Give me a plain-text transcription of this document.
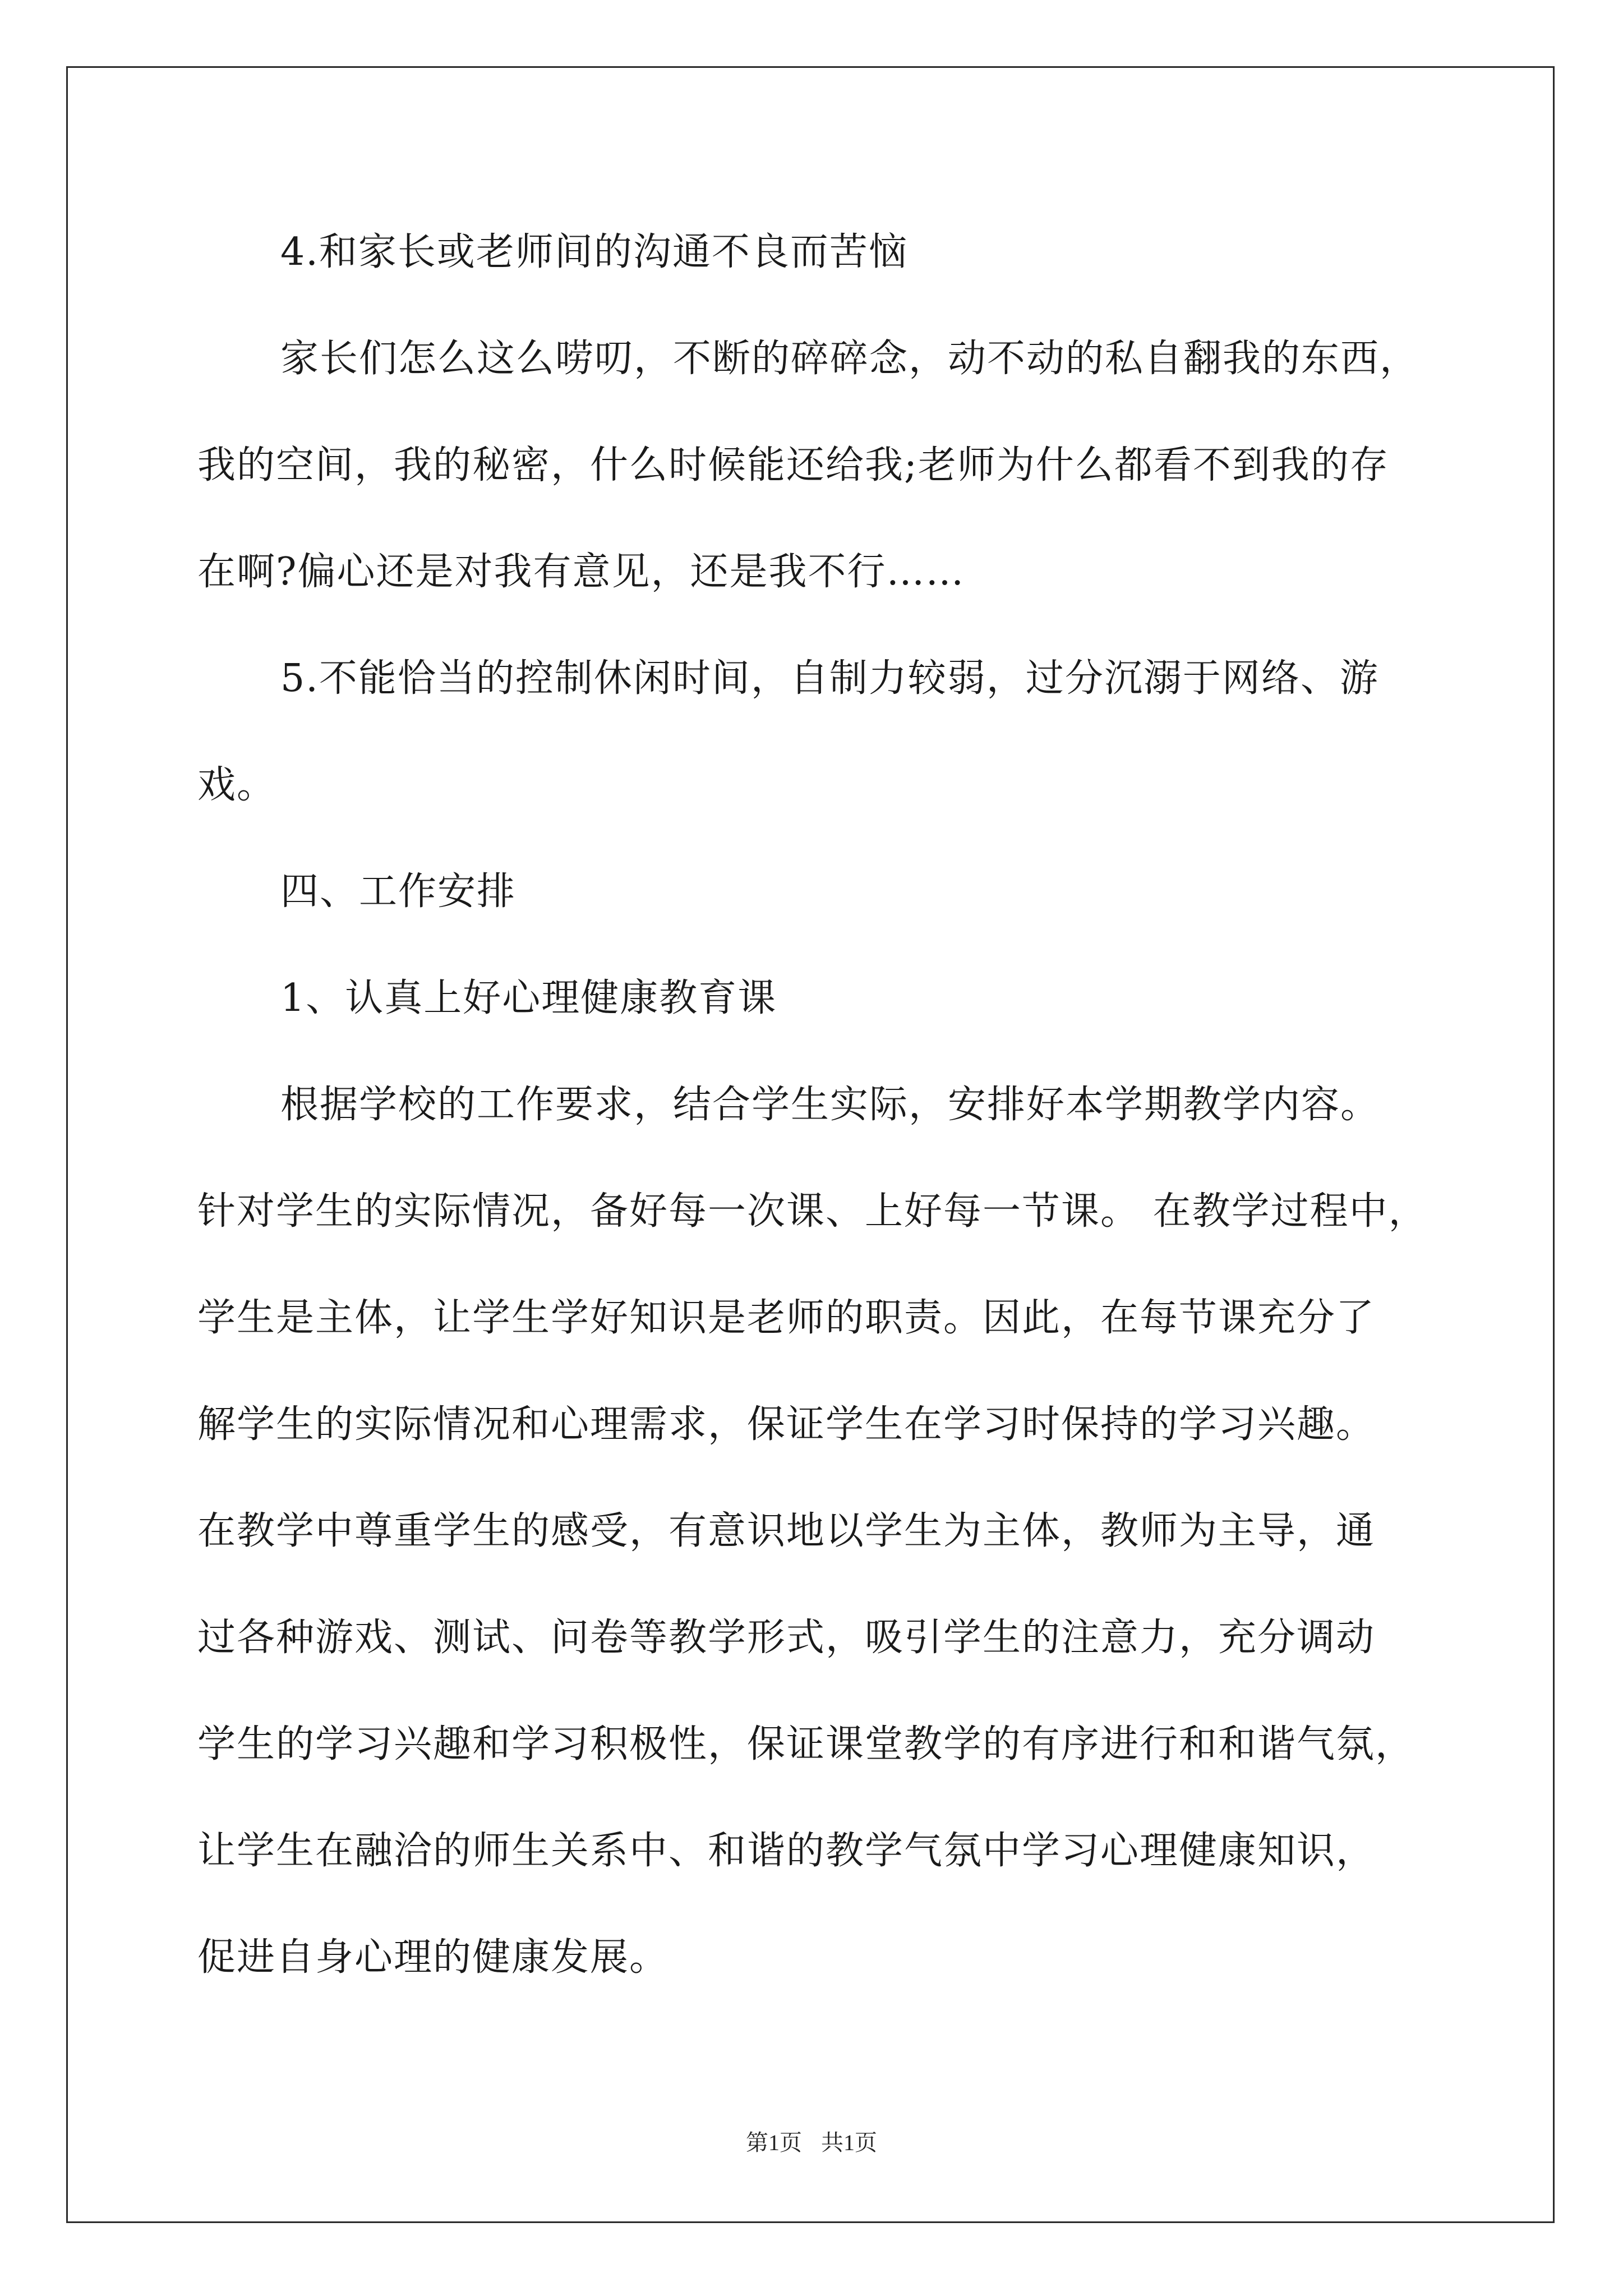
4.和家长或老师间的沟通不良而苦恼
家长们怎么这么唠叨，不断的碎碎念，动不动的私自翻我的东西，
我的空间，我的秘密，什么时候能还给我;老师为什么都看不到我的存
在啊?偏心还是对我有意见，还是我不行……
5.不能恰当的控制休闲时间，自制力较弱，过分沉溺于网络、游
戏。
四、工作安排
1、认真上好心理健康教育课
根据学校的工作要求，结合学生实际，安排好本学期教学内容。
针对学生的实际情况，备好每一次课、上好每一节课。 在教学过程中，
学生是主体，让学生学好知识是老师的职责。因此，在每节课充分了
解学生的实际情况和心理需求，保证学生在学习时保持的学习兴趣。
在教学中尊重学生的感受，有意识地以学生为主体，教师为主导，通
过各种游戏、测试、问卷等教学形式，吸引学生的注意力，充分调动
学生的学习兴趣和学习积极性，保证课堂教学的有序进行和和谐气氛，
让学生在融洽的师生关系中、和谐的教学气氛中学习心理健康知识，
促进自身心理的健康发展。
第1页 共1页
